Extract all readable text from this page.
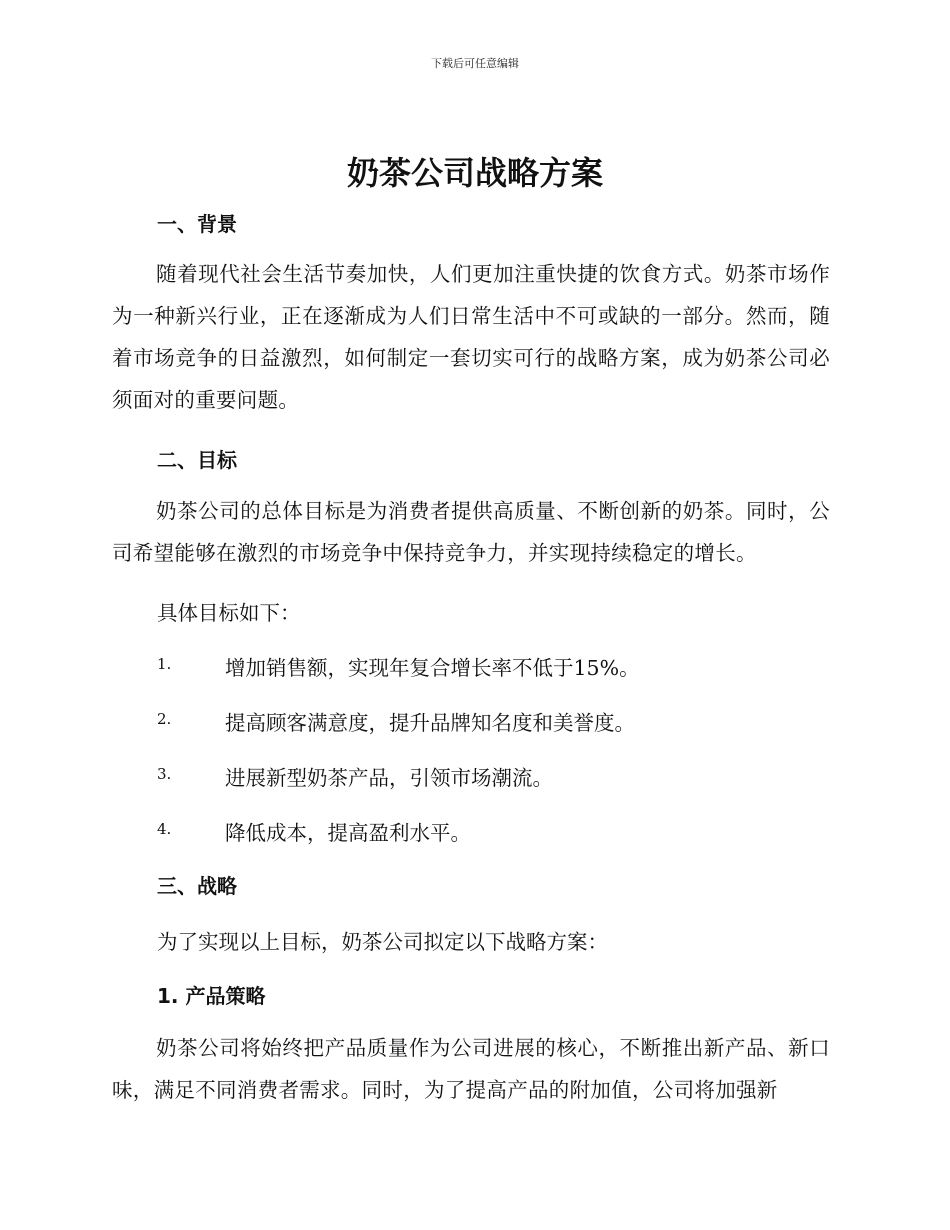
下载后可任意编辑
奶茶公司战略方案
一、背景
随着现代社会生活节奏加快，人们更加注重快捷的饮食方式。奶茶市场作为一种新兴行业，正在逐渐成为人们日常生活中不可或缺的一部分。然而，随着市场竞争的日益激烈，如何制定一套切实可行的战略方案，成为奶茶公司必须面对的重要问题。
二、目标
奶茶公司的总体目标是为消费者提供高质量、不断创新的奶茶。同时，公司希望能够在激烈的市场竞争中保持竞争力，并实现持续稳定的增长。
具体目标如下：
1.	增加销售额，实现年复合增长率不低于15%。
2.	提高顾客满意度，提升品牌知名度和美誉度。
3.	进展新型奶茶产品，引领市场潮流。
4.	降低成本，提高盈利水平。
三、战略
为了实现以上目标，奶茶公司拟定以下战略方案：
1. 产品策略
奶茶公司将始终把产品质量作为公司进展的核心，不断推出新产品、新口味，满足不同消费者需求。同时，为了提高产品的附加值，公司将加强新
